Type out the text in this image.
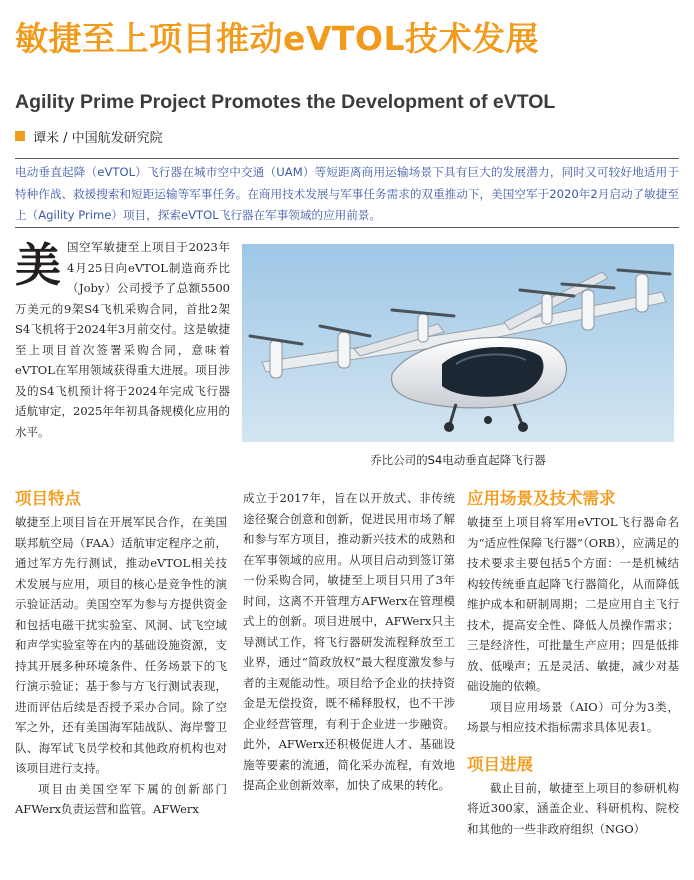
敏捷至上项目推动eVTOL技术发展
Agility Prime Project Promotes the Development of eVTOL
谭米 / 中国航发研究院
电动垂直起降（eVTOL）飞行器在城市空中交通（UAM）等短距离商用运输场景下具有巨大的发展潜力，同时又可较好地适用于特种作战、救援搜索和短距运输等军事任务。在商用技术发展与军事任务需求的双重推动下，美国空军于2020年2月启动了敏捷至上（Agility Prime）项目，探索eVTOL飞行器在军事领域的应用前景。
美 国空军敏捷至上项目于2023年4月25日向eVTOL制造商乔比（Joby）公司授予了总额5500万美元的9架S4飞机采购合同，首批2架S4飞机将于2024年3月前交付。这是敏捷至上项目首次签署采购合同，意味着eVTOL在军用领域获得重大进展。项目涉及的S4飞机预计将于2024年完成飞行器适航审定，2025年年初具备规模化应用的水平。

乔比公司的S4电动垂直起降飞行器
项目特点

敏捷至上项目旨在开展军民合作，在美国联邦航空局（FAA）适航审定程序之前，通过军方先行测试，推动eVTOL相关技术发展与应用，项目的核心是竞争性的演示验证活动。美国空军为参与方提供资金和包括电磁干扰实验室、风洞、试飞空域和声学实验室等在内的基础设施资源，支持其开展多种环境条件、任务场景下的飞行演示验证；基于参与方飞行测试表现，进而评估后续是否授予采办合同。除了空军之外，还有美国海军陆战队、海岸警卫队、海军试飞员学校和其他政府机构也对该项目进行支持。

项目由美国空军下属的创新部门AFWerx负责运营和监管。AFWerx

成立于2017年，旨在以开放式、非传统途径聚合创意和创新，促进民用市场了解和参与军方项目，推动新兴技术的成熟和在军事领域的应用。从项目启动到签订第一份采购合同，敏捷至上项目只用了3年时间，这离不开管理方AFWerx在管理模式上的创新。项目进展中，AFWerx只主导测试工作，将飞行器研发流程释放至工业界，通过“简政放权”最大程度激发参与者的主观能动性。项目给予企业的扶持资金是无偿投资，既不稀释股权，也不干涉企业经营管理，有利于企业进一步融资。此外，AFWerx还积极促进人才、基础设施等要素的流通，简化采办流程，有效地提高企业创新效率，加快了成果的转化。

应用场景及技术需求

敏捷至上项目将军用eVTOL飞行器命名为“适应性保障飞行器”（ORB），应满足的技术要求主要包括5个方面：一是机械结构较传统垂直起降飞行器简化，从而降低维护成本和研制周期；二是应用自主飞行技术，提高安全性、降低人员操作需求；三是经济性，可批量生产应用；四是低排放、低噪声；五是灵活、敏捷，减少对基础设施的依赖。

项目应用场景（AIO）可分为3类，场景与相应技术指标需求具体见表1。

项目进展

截止目前，敏捷至上项目的参研机构将近300家，涵盖企业、科研机构、院校和其他的一些非政府组织（NGO）
